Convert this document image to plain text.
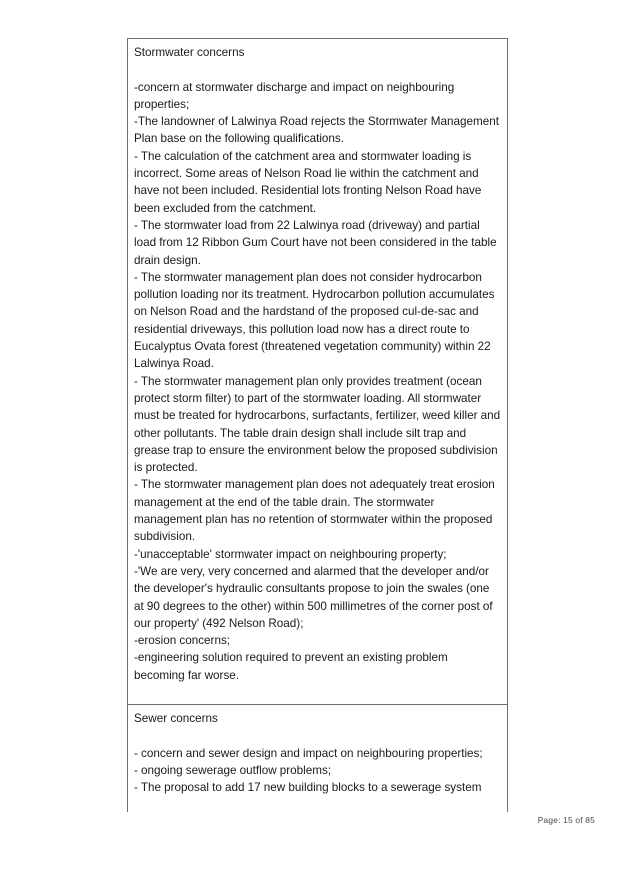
Stormwater concerns

-concern at stormwater discharge and impact on neighbouring properties;

-The landowner of Lalwinya Road rejects the Stormwater Management Plan base on the following qualifications.

- The calculation of the catchment area and stormwater loading is incorrect. Some areas of Nelson Road lie within the catchment and have not been included. Residential lots fronting Nelson Road have been excluded from the catchment.

- The stormwater load from 22 Lalwinya road (driveway) and partial load from 12 Ribbon Gum Court have not been considered in the table drain design.

- The stormwater management plan does not consider hydrocarbon pollution loading nor its treatment. Hydrocarbon pollution accumulates on Nelson Road and the hardstand of the proposed cul-de-sac and residential driveways, this pollution load now has a direct route to Eucalyptus Ovata forest (threatened vegetation community) within 22 Lalwinya Road.

- The stormwater management plan only provides treatment (ocean protect storm filter) to part of the stormwater loading. All stormwater must be treated for hydrocarbons, surfactants, fertilizer, weed killer and other pollutants. The table drain design shall include silt trap and grease trap to ensure the environment below the proposed subdivision is protected.

- The stormwater management plan does not adequately treat erosion management at the end of the table drain. The stormwater management plan has no retention of stormwater within the proposed subdivision.

-'unacceptable' stormwater impact on neighbouring property;

-'We are very, very concerned and alarmed that the developer and/or the developer's hydraulic consultants propose to join the swales (one at 90 degrees to the other) within 500 millimetres of the corner post of our property' (492 Nelson Road);

-erosion concerns;

-engineering solution required to prevent an existing problem becoming far worse.

Sewer concerns

- concern and sewer design and impact on neighbouring properties;

- ongoing sewerage outflow problems;

- The proposal to add 17 new building blocks to a sewerage system

Page: 15 of 85
